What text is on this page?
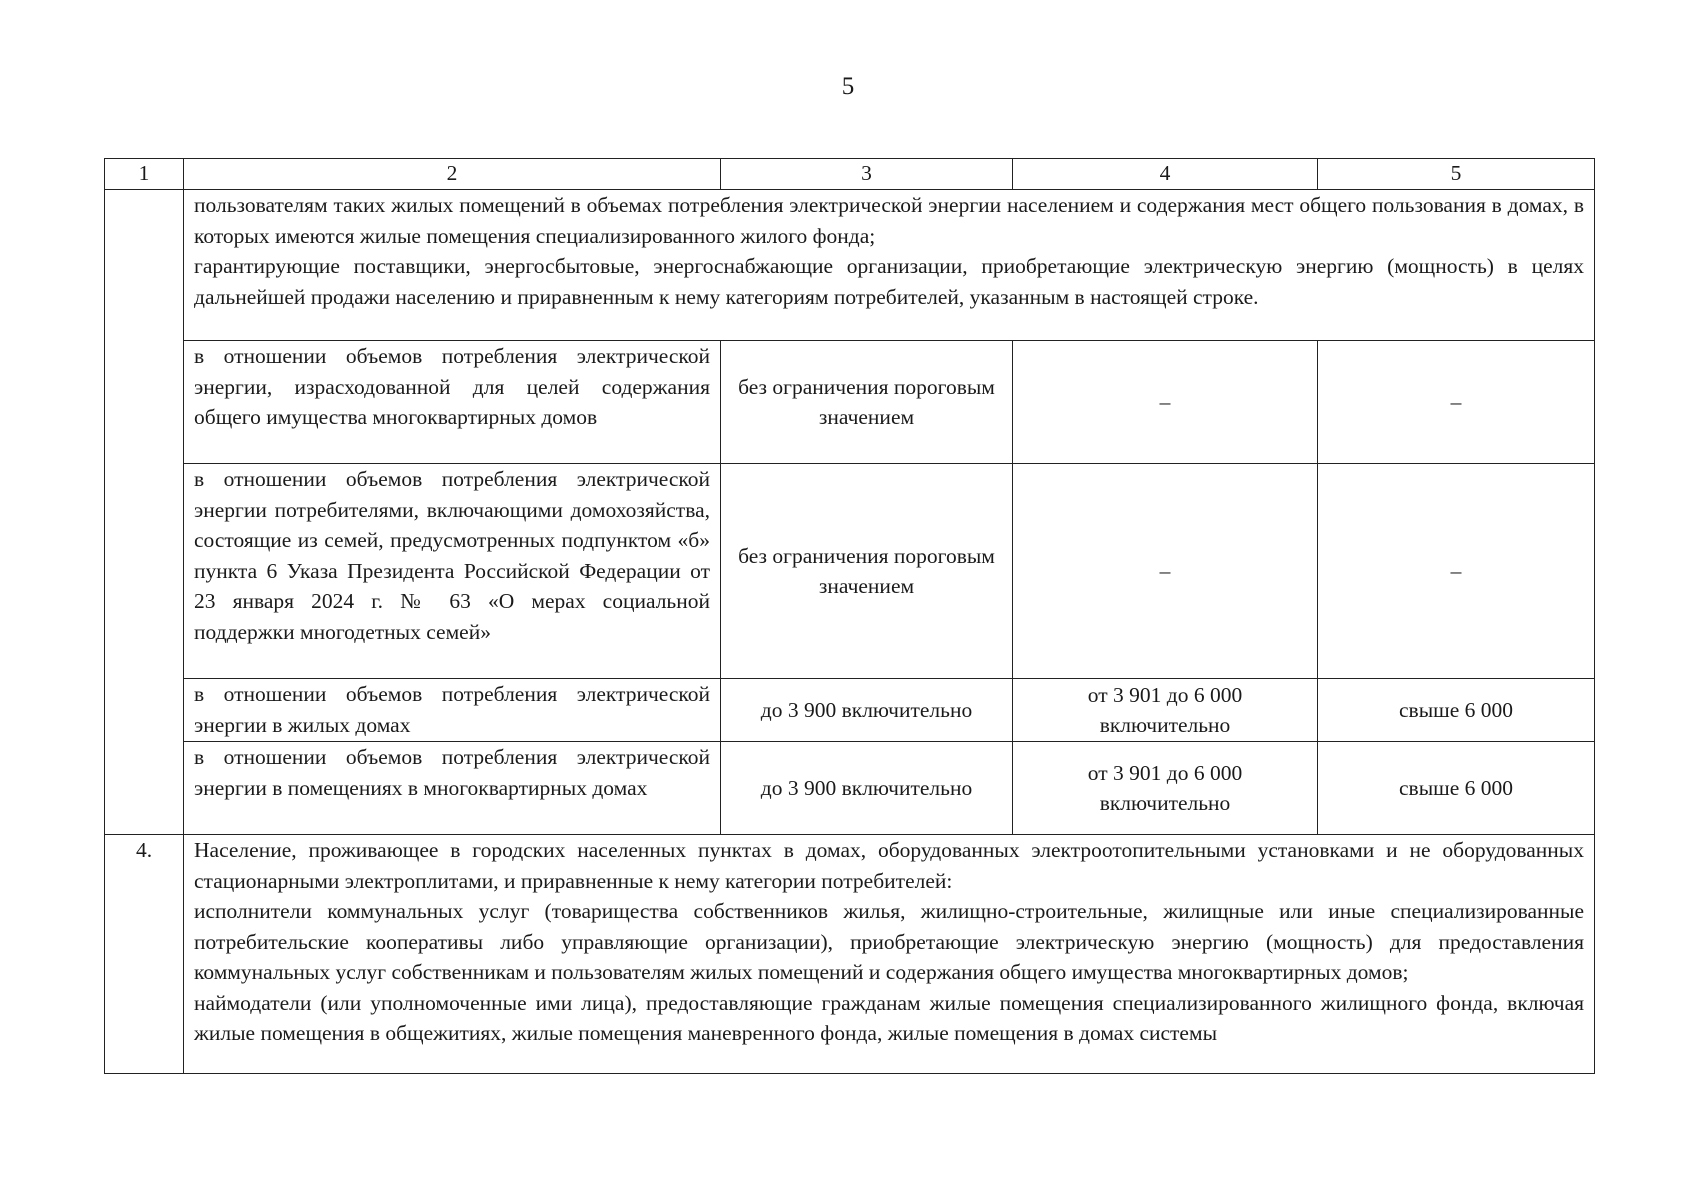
5
1	2	3	4	5

	пользователям таких жилых помещений в объемах потребления электрической энергии населением и содержания мест общего пользования в домах, в которых имеются жилые помещения специализированного жилого фонда;
гарантирующие поставщики, энергосбытовые, энергоснабжающие организации, приобретающие электрическую энергию (мощность) в целях дальнейшей продажи населению и приравненным к нему категориям потребителей, указанным в настоящей строке.			

	в отношении объемов потребления электрической энергии, израсходованной для целей содержания общего имущества многоквартирных домов	без ограничения пороговым значением	–	–
	в отношении объемов потребления электрической энергии потребителями, включающими домохозяйства, состоящие из семей, предусмотренных подпунктом «б» пункта 6 Указа Президента Российской Федерации от 23 января 2024 г. № 63 «О мерах социальной поддержки многодетных семей»	без ограничения пороговым значением	–	–
	в отношении объемов потребления электрической энергии в жилых домах	до 3 900 включительно	от 3 901 до 6 000 включительно	свыше 6 000
	в отношении объемов потребления электрической энергии в помещениях в многоквартирных домах	до 3 900 включительно	от 3 901 до 6 000 включительно	свыше 6 000
4.	Население, проживающее в городских населенных пунктах в домах, оборудованных электроотопительными установками и не оборудованных стационарными электроплитами, и приравненные к нему категории потребителей:
исполнители коммунальных услуг (товарищества собственников жилья, жилищно-строительные, жилищные или иные специализированные потребительские кооперативы либо управляющие организации), приобретающие электрическую энергию (мощность) для предоставления коммунальных услуг собственникам и пользователям жилых помещений и содержания общего имущества многоквартирных домов;
наймодатели (или уполномоченные ими лица), предоставляющие гражданам жилые помещения специализированного жилищного фонда, включая жилые помещения в общежитиях, жилые помещения маневренного фонда, жилые помещения в домах системы			
